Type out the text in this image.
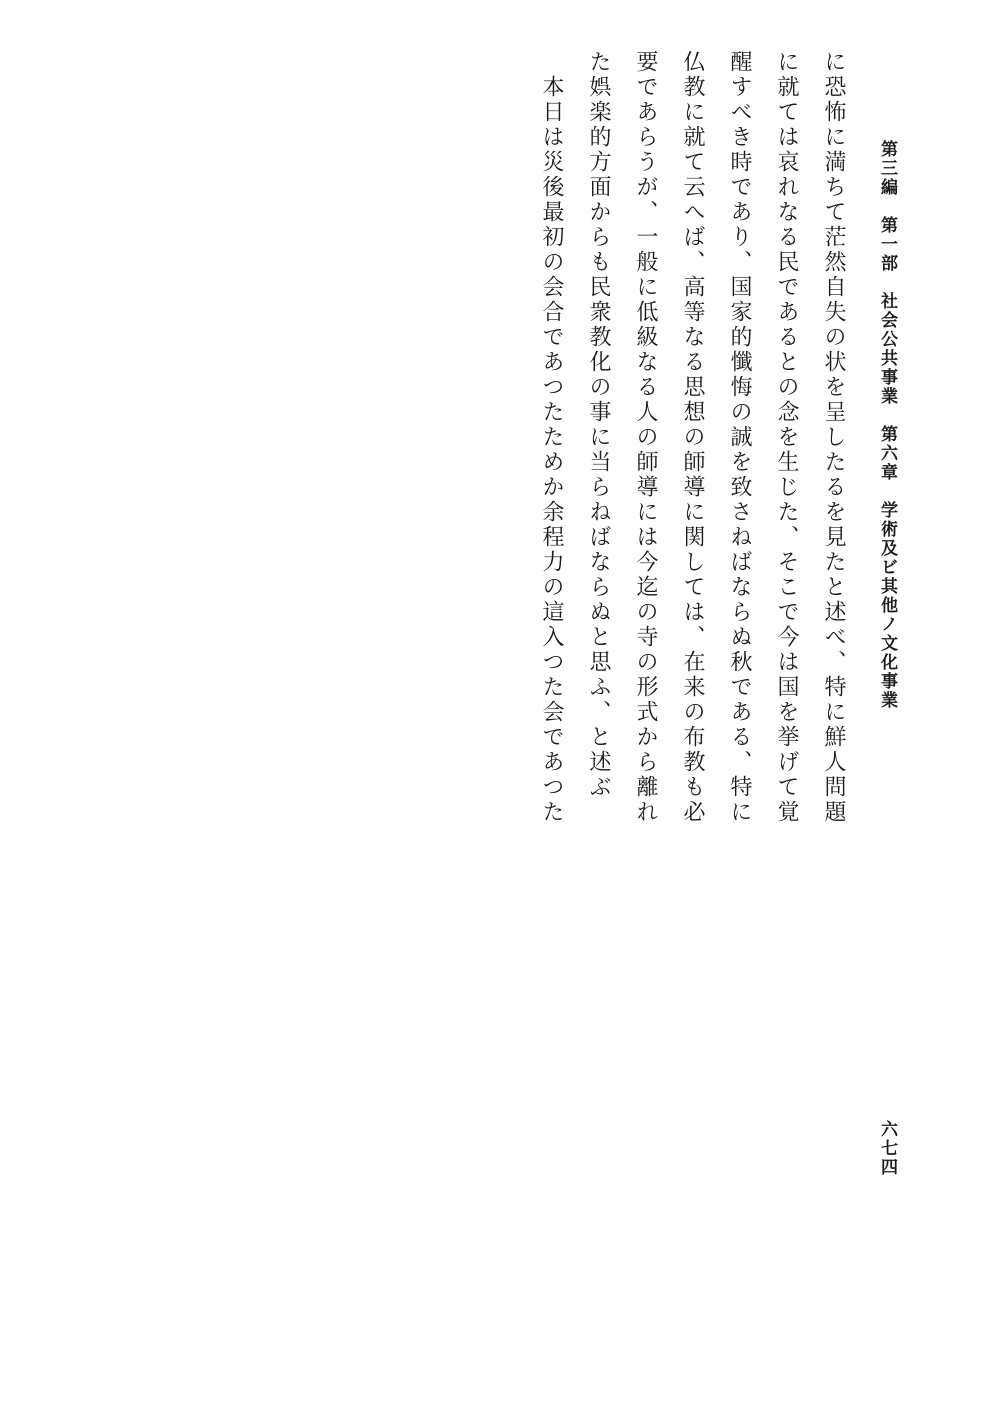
第三編　第一部　社会公共事業　第六章　学術及ビ其他ノ文化事業
六七四
に恐怖に満ちて茫然自失の状を呈したるを見たと述べ、特に鮮人問題
に就ては哀れなる民であるとの念を生じた、そこで今は国を挙げて覚
醒すべき時であり、国家的懺悔の誠を致さねばならぬ秋である、特に
仏教に就て云へば、高等なる思想の師導に関しては、在来の布教も必
要であらうが、一般に低級なる人の師導には今迄の寺の形式から離れ
た娯楽的方面からも民衆教化の事に当らねばならぬと思ふ、と述ぶ
　本日は災後最初の会合であつたためか余程力の這入つた会であつた
